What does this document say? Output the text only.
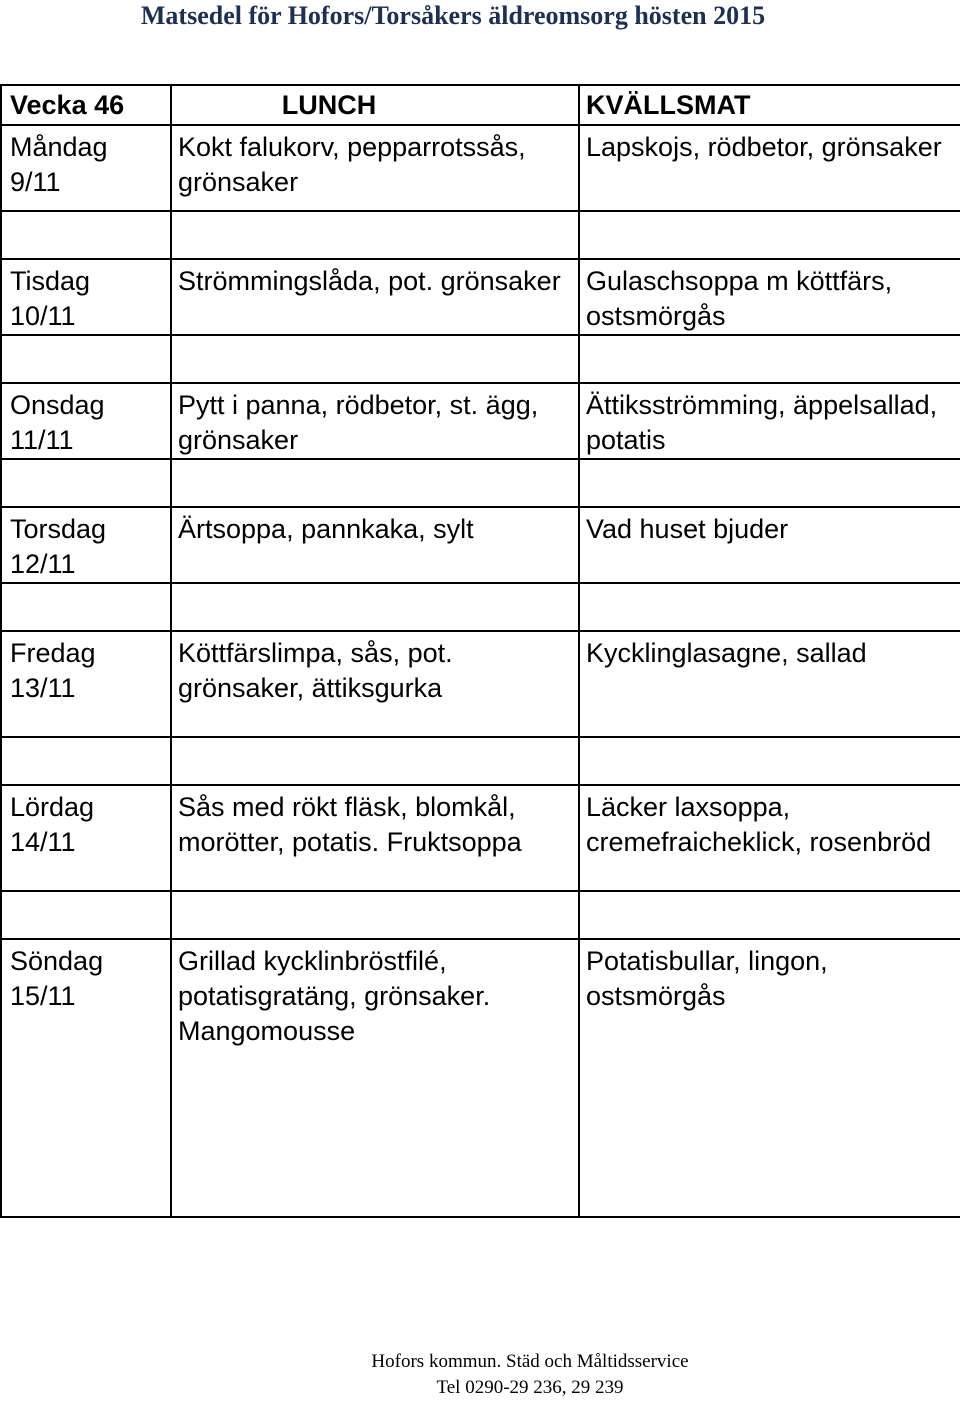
Matsedel för Hofors/Torsåkers äldreomsorg hösten 2015
Vecka 46	LUNCH	KVÄLLSMAT

Måndag
9/11	Kokt falukorv, pepparrotssås, grönsaker	Lapskojs, rödbetor, grönsaker

Tisdag
10/11	Strömmingslåda, pot. grönsaker	Gulaschsoppa m köttfärs, ostsmörgås

Onsdag
11/11	Pytt i panna, rödbetor, st. ägg, grönsaker	Ättiksströmming, äppelsallad, potatis

Torsdag
12/11	Ärtsoppa, pannkaka, sylt	Vad huset bjuder

Fredag
13/11	Köttfärslimpa, sås, pot. grönsaker, ättiksgurka	Kycklinglasagne, sallad

Lördag
14/11	Sås med rökt fläsk, blomkål, morötter, potatis. Fruktsoppa	Läcker laxsoppa, cremefraicheklick, rosenbröd

Söndag
15/11	Grillad kycklinbröstfilé, potatisgratäng, grönsaker. Mangomousse	Potatisbullar, lingon, ostsmörgås
Hofors kommun. Städ och Måltidsservice
Tel 0290-29 236, 29 239
